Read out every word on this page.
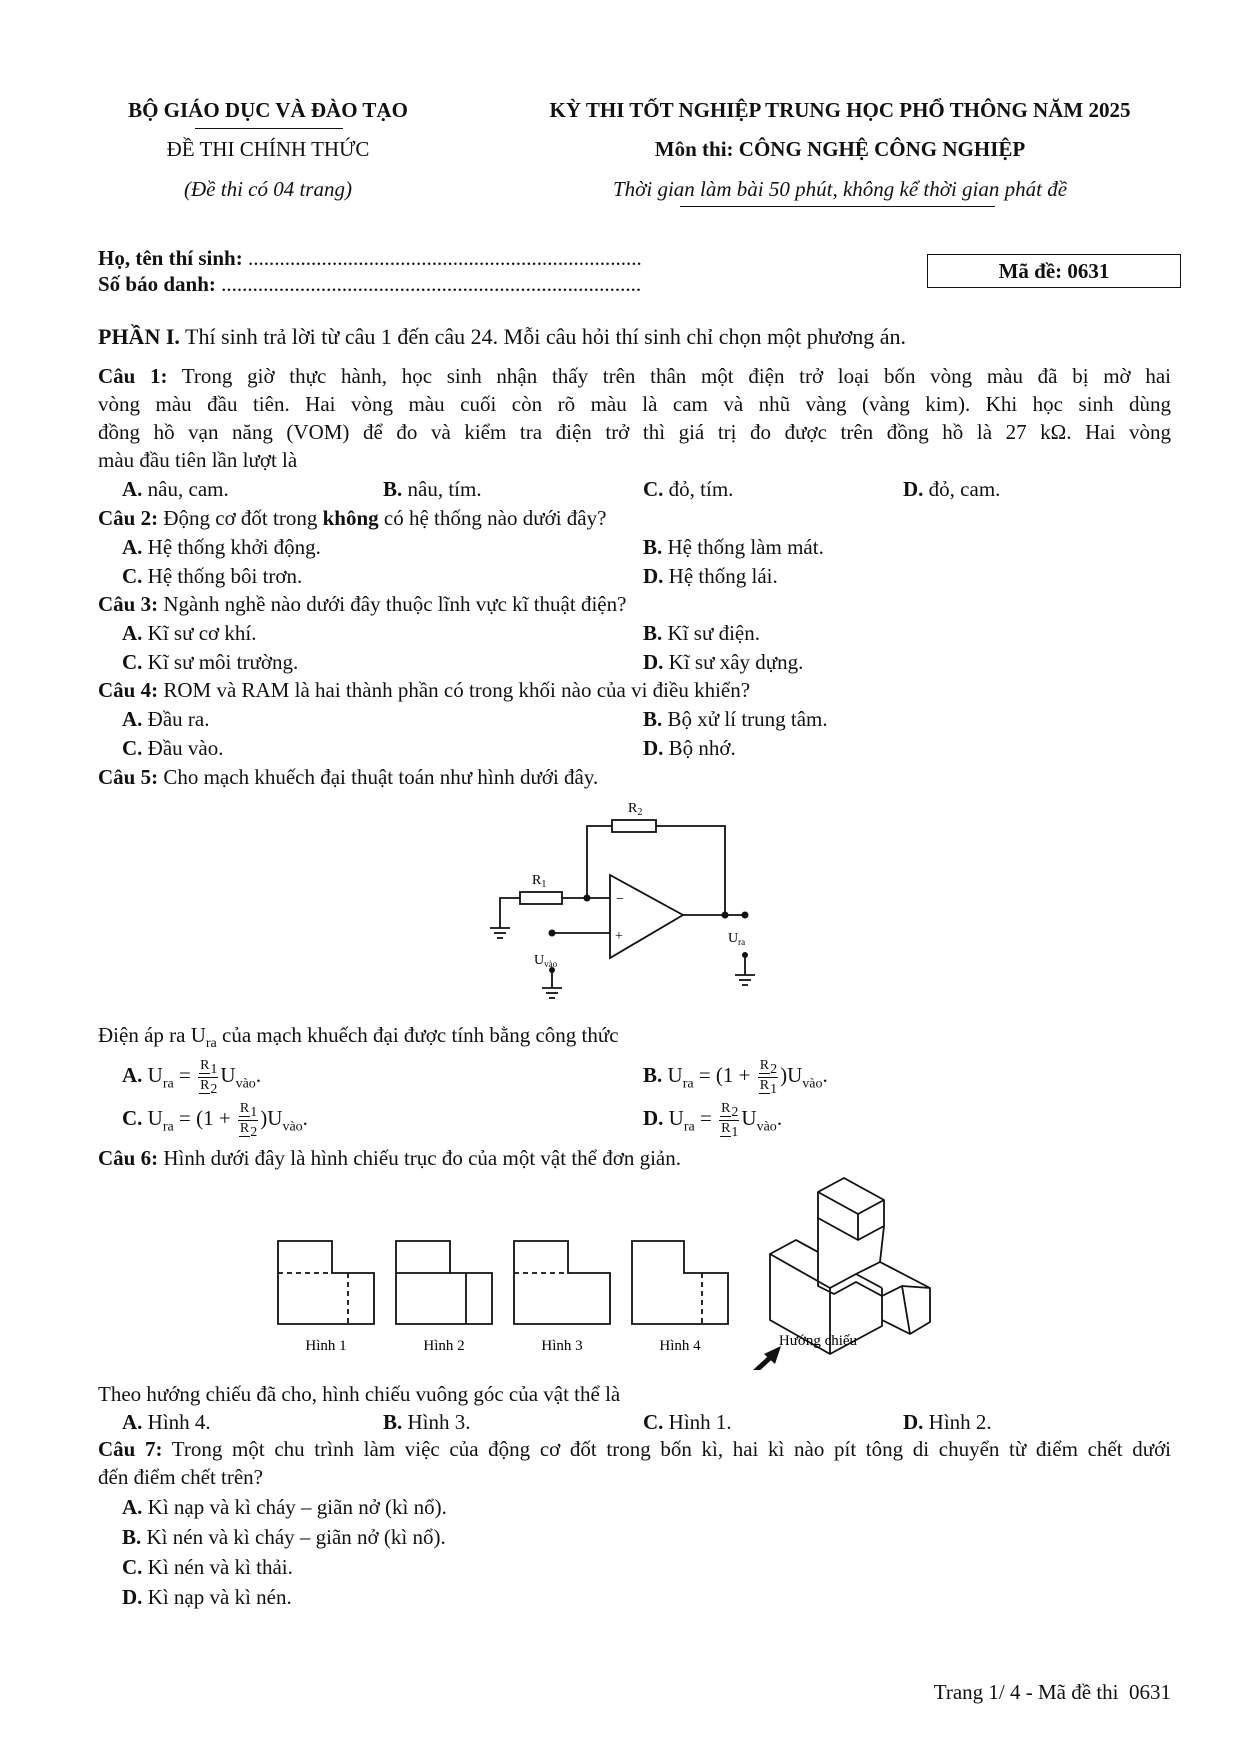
BỘ GIÁO DỤC VÀ ĐÀO TẠO
ĐỀ THI CHÍNH THỨC
(Đề thi có 04 trang)
KỲ THI TỐT NGHIỆP TRUNG HỌC PHỔ THÔNG NĂM 2025
Môn thi: CÔNG NGHỆ CÔNG NGHIỆP
Thời gian làm bài 50 phút, không kể thời gian phát đề
Họ, tên thí sinh: ...........................................................................
Số báo danh: ................................................................................
Mã đề: 0631
PHẦN I. Thí sinh trả lời từ câu 1 đến câu 24. Mỗi câu hỏi thí sinh chỉ chọn một phương án.
Câu 1: Trong giờ thực hành, học sinh nhận thấy trên thân một điện trở loại bốn vòng màu đã bị mờ hai
vòng màu đầu tiên. Hai vòng màu cuối còn rõ màu là cam và nhũ vàng (vàng kim). Khi học sinh dùng
đồng hồ vạn năng (VOM) để đo và kiểm tra điện trở thì giá trị đo được trên đồng hồ là 27 kΩ. Hai vòng
màu đầu tiên lần lượt là
A. nâu, cam.	B. nâu, tím.	C. đỏ, tím.	D. đỏ, cam.
Câu 2: Động cơ đốt trong không có hệ thống nào dưới đây?
A. Hệ thống khởi động.	B. Hệ thống làm mát.
C. Hệ thống bôi trơn.	D. Hệ thống lái.
Câu 3: Ngành nghề nào dưới đây thuộc lĩnh vực kĩ thuật điện?
A. Kĩ sư cơ khí.	B. Kĩ sư điện.
C. Kĩ sư môi trường.	D. Kĩ sư xây dựng.
Câu 4: ROM và RAM là hai thành phần có trong khối nào của vi điều khiển?
A. Đầu ra.	B. Bộ xử lí trung tâm.
C. Đầu vào.	D. Bộ nhớ.
Câu 5: Cho mạch khuếch đại thuật toán như hình dưới đây.
$R_2$
$R_1$
−
+	$U_{ra}$
$U_{vào}$
Điện áp ra $U_{ra}$ của mạch khuếch đại được tính bằng công thức
A. $U_{ra} = \frac{R_1}{R_2} U_{vào}$.	B. $U_{ra} = (1 + \frac{R_2}{R_1} )U_{vào}$.
C. $U_{ra} = (1 + \frac{R_1}{R_2} )U_{vào}$.	D. $U_{ra} = \frac{R_2}{R_1} U_{vào}$.
Câu 6: Hình dưới đây là hình chiếu trục đo của một vật thể đơn giản.
Hình 1	Hình 2	Hình 3	Hình 4	Hướng chiếu
Theo hướng chiếu đã cho, hình chiếu vuông góc của vật thể là
A. Hình 4.	B. Hình 3.	C. Hình 1.	D. Hình 2.
Câu 7: Trong một chu trình làm việc của động cơ đốt trong bốn kì, hai kì nào pít tông di chuyển từ điểm chết dưới
đến điểm chết trên?
A. Kì nạp và kì cháy – giãn nở (kì nổ).
B. Kì nén và kì cháy – giãn nở (kì nổ).
C. Kì nén và kì thải.
D. Kì nạp và kì nén.
Trang 1/ 4 - Mã đề thi  0631
